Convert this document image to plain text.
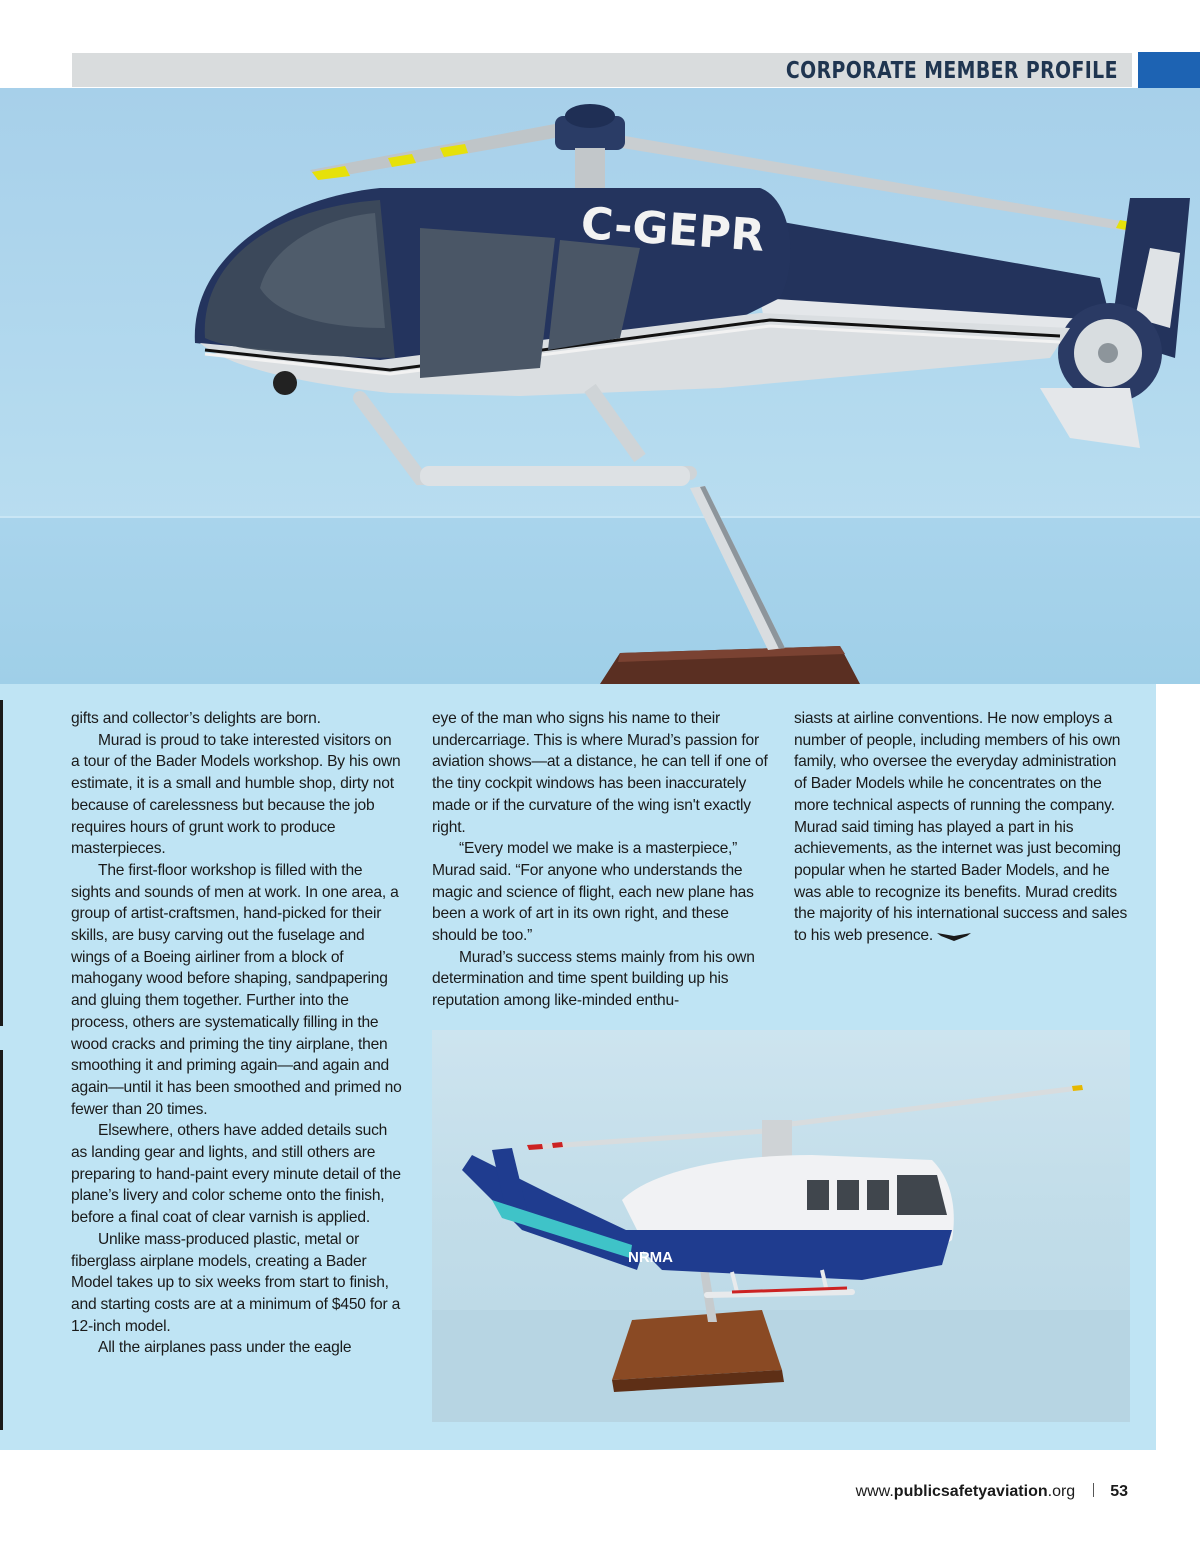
CORPORATE MEMBER PROFILE
C-GEPR

gifts and collector’s delights are born.

Murad is proud to take interested visitors on a tour of the Bader Models workshop. By his own estimate, it is a small and humble shop, dirty not because of carelessness but because the job requires hours of grunt work to produce masterpieces.

The first-floor workshop is filled with the sights and sounds of men at work. In one area, a group of artist-craftsmen, hand-picked for their skills, are busy carving out the fuselage and wings of a Boeing airliner from a block of mahogany wood before shaping, sandpapering and gluing them together. Further into the process, others are systematically filling in the wood cracks and priming the tiny airplane, then smoothing it and priming again—and again and again—until it has been smoothed and primed no fewer than 20 times.

Elsewhere, others have added details such as landing gear and lights, and still others are preparing to hand-paint every minute detail of the plane’s livery and color scheme onto the finish, before a final coat of clear varnish is applied.

Unlike mass-produced plastic, metal or fiberglass airplane models, creating a Bader Model takes up to six weeks from start to finish, and starting costs are at a minimum of $450 for a 12-inch model.

All the airplanes pass under the eagle

eye of the man who signs his name to their undercarriage. This is where Murad’s passion for aviation shows—at a distance, he can tell if one of the tiny cockpit windows has been inaccurately made or if the curvature of the wing isn't exactly right.

“Every model we make is a masterpiece,” Murad said. “For anyone who understands the magic and science of flight, each new plane has been a work of art in its own right, and these should be too.”

Murad’s success stems mainly from his own determination and time spent building up his reputation among like-minded enthu-

siasts at airline conventions. He now employs a number of people, including members of his own family, who oversee the everyday administration of Bader Models while he concentrates on the more technical aspects of running the company. Murad said timing has played a part in his achievements, as the internet was just becoming popular when he started Bader Models, and he was able to recognize its benefits. Murad credits the majority of his international success and sales to his web presence.

NRMA
www.publicsafetyaviation.org 53
